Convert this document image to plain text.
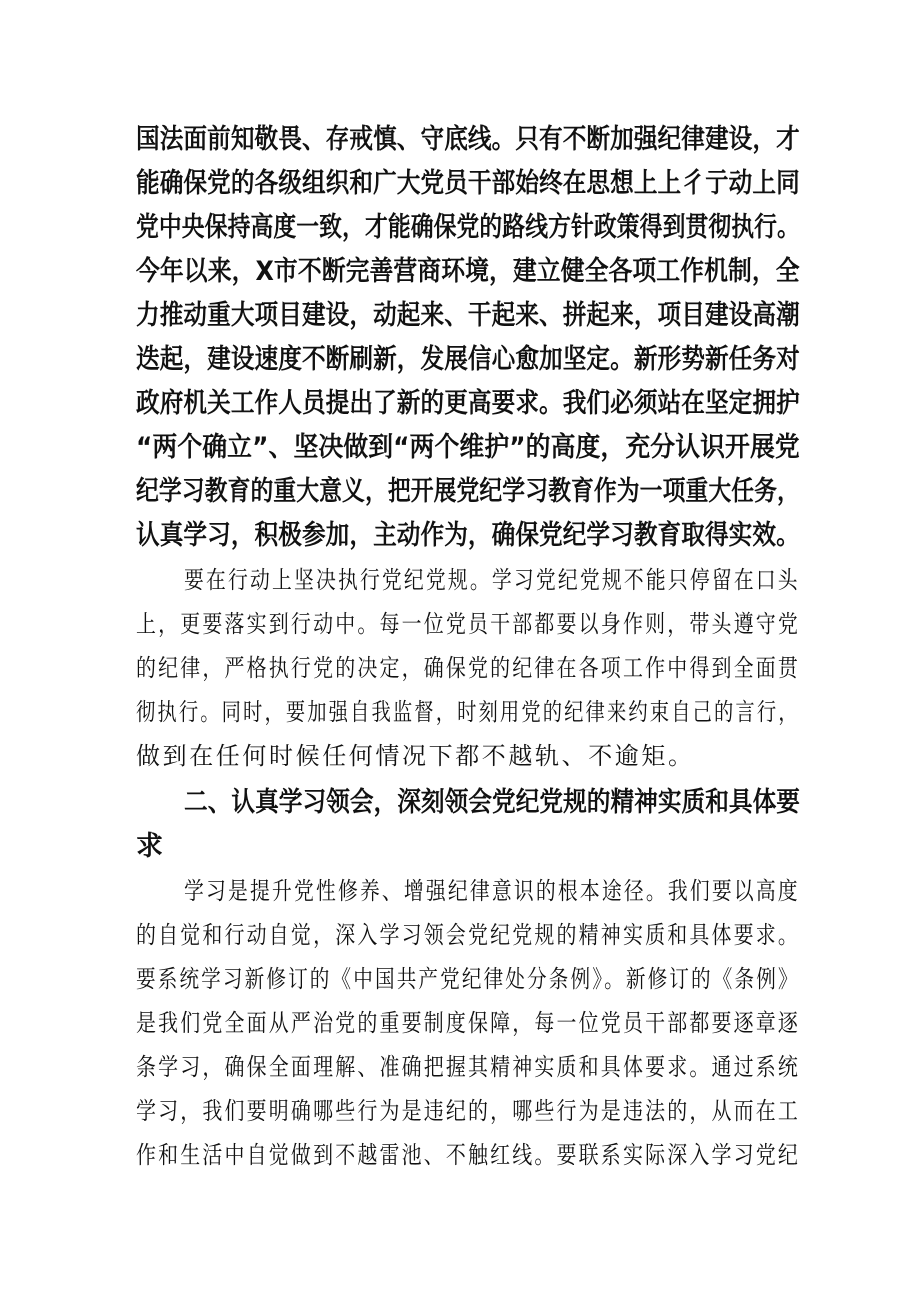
国法面前知敬畏、存戒慎、守底线。只有不断加强纪律建设，才
能确保党的各级组织和广大党员干部始终在思想上上彳亍动上同
党中央保持高度一致，才能确保党的路线方针政策得到贯彻执行。
今年以来，X市不断完善营商环境，建立健全各项工作机制，全
力推动重大项目建设，动起来、干起来、拼起来，项目建设高潮
迭起，建设速度不断刷新，发展信心愈加坚定。新形势新任务对
政府机关工作人员提出了新的更高要求。我们必须站在坚定拥护
“两个确立”、坚决做到“两个维护”的高度，充分认识开展党
纪学习教育的重大意义，把开展党纪学习教育作为一项重大任务，
认真学习，积极参加，主动作为，确保党纪学习教育取得实效。
要在行动上坚决执行党纪党规。学习党纪党规不能只停留在口头
上，更要落实到行动中。每一位党员干部都要以身作则，带头遵守党
的纪律，严格执行党的决定，确保党的纪律在各项工作中得到全面贯
彻执行。同时，要加强自我监督，时刻用党的纪律来约束自己的言行，
做到在任何时候任何情况下都不越轨、不逾矩。
二、认真学习领会，深刻领会党纪党规的精神实质和具体要
求
学习是提升党性修养、增强纪律意识的根本途径。我们要以高度
的自觉和行动自觉，深入学习领会党纪党规的精神实质和具体要求。
要系统学习新修订的《中国共产党纪律处分条例》。新修订的《条例》
是我们党全面从严治党的重要制度保障，每一位党员干部都要逐章逐
条学习，确保全面理解、准确把握其精神实质和具体要求。通过系统
学习，我们要明确哪些行为是违纪的，哪些行为是违法的，从而在工
作和生活中自觉做到不越雷池、不触红线。要联系实际深入学习党纪
